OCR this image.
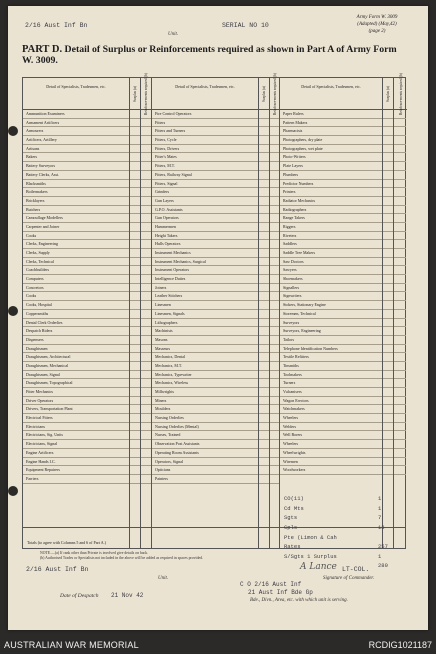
2/16 Aust Inf Bn
Unit.
SERIAL NO 10
Army Form W. 3009
(Adapted) (May,42)
(page 2)
PART D. Detail of Surplus or Reinforcements required as shown in Part A of Army Form W. 3009.
Detail of Specialists, Tradesmen, etc.	Surplus (a) Reinforce-ments required (b)
Ammunition Examiners
Armament Artificers
Armourers
Artificers, Artillery
Artisans
Bakers
Battery Surveyors
Battery Clerks, Asst.
Blacksmiths
Boilermakers
Bricklayers
Butchers
Camouflage Modellers
Carpenter and Joiner
Cooks
Clerks, Engineering
Clerks, Supply
Clerks, Technical
Coachbuilders
Computers
Concretors
Cooks
Cooks, Hospital
Coppersmiths
Dental Clerk Orderlies
Despatch Riders
Dispensers
Draughtsmen
Draughtsmen, Architectural
Draughtsmen, Mechanical
Draughtsmen, Signal
Draughtsmen, Topographical
Fitter Mechanics
Driver Operators
Drivers, Transportation Plant
Electrical Fitters
Electricians
Electricians, Sig. Units
Electricians, Signal
Engine Artificers
Engine Hands I.C.
Equipment Repairers
Farriers
Detail of Specialists, Tradesmen, etc.	Surplus (a) Reinforce-ments required (b)
Fire Control Operators
Fitters
Fitters and Turners
Fitters, Cycle
Fitters, Drivers
Fitter's Mates
Fitters, M.T.
Fitters, Railway Signal
Fitters, Signal
Grinders
Gun Layers
G.P.O. Assistants
Gun Operators
Hammermen
Height Takers
Hulls Operators
Instrument Mechanics
Instrument Mechanics, Surgical
Instrument Operators
Intelligence Duties
Joiners
Leather Stitchers
Linesmen
Linesmen, Signals
Lithographers
Machinists
Masons
Masseurs
Mechanics, Dental
Mechanics, M.T.
Mechanics, Typewriter
Mechanics, Wireless
Millwrights
Miners
Moulders
Nursing Orderlies
Nursing Orderlies (Mental)
Nurses, Trained
Observation Post Assistants
Operating Room Assistants
Operators, Signal
Opticians
Painters
Detail of Specialists, Tradesmen, etc.	Surplus (a) Reinforce-ments required (b)
Paper Rulers
Pattern Makers
Pharmacists
Photographers, dry plate
Photographers, wet plate
Photo-Writers
Plate Layers
Plumbers
Predictor Numbers
Printers
Radiator Mechanics
Radiographers
Range Takers
Riggers
Riveters
Saddlers
Saddle Tree Makers
Saw Doctors
Sawyers
Shoemakers
Signallers
Signwriters
Stokers, Stationary Engine
Storemen, Technical
Surveyors
Surveyors, Engineering
Tailors
Telephone Identification Numbers
Textile Refitters
Tinsmiths
Toolmakers
Turners
Vulcanisers
Wagon Erectors
Watchmakers
Wheelers
Welders
Well Borers
Wheelers
Wheelwrights
Wiremen
Woodworkers
Totals (to agree with Columns 5 and 6 of Part A.)
CO(11)	1
Cd Mts	1
Sgts	7
Cpls	13
Pte (Limon & Cah
Rates	257
S/Sgts 1 Surplus	1
280
NOTE.—(a) If rank other than Private is involved give details on back.
(b) Authorised Trades or Specialists not included in the above will be added as required in spaces provided.
2/16 Aust Inf Bn
Unit.
A Lance LT-COL.
Signature of Commander.
C O 2/16 Aust Inf
Date of Despatch 21 Nov 42	21 Aust Inf Bde Gp
Bde., Divn., Area, etc. with which unit is serving.
AUSTRALIAN WAR MEMORIAL	RCDIG1021187
